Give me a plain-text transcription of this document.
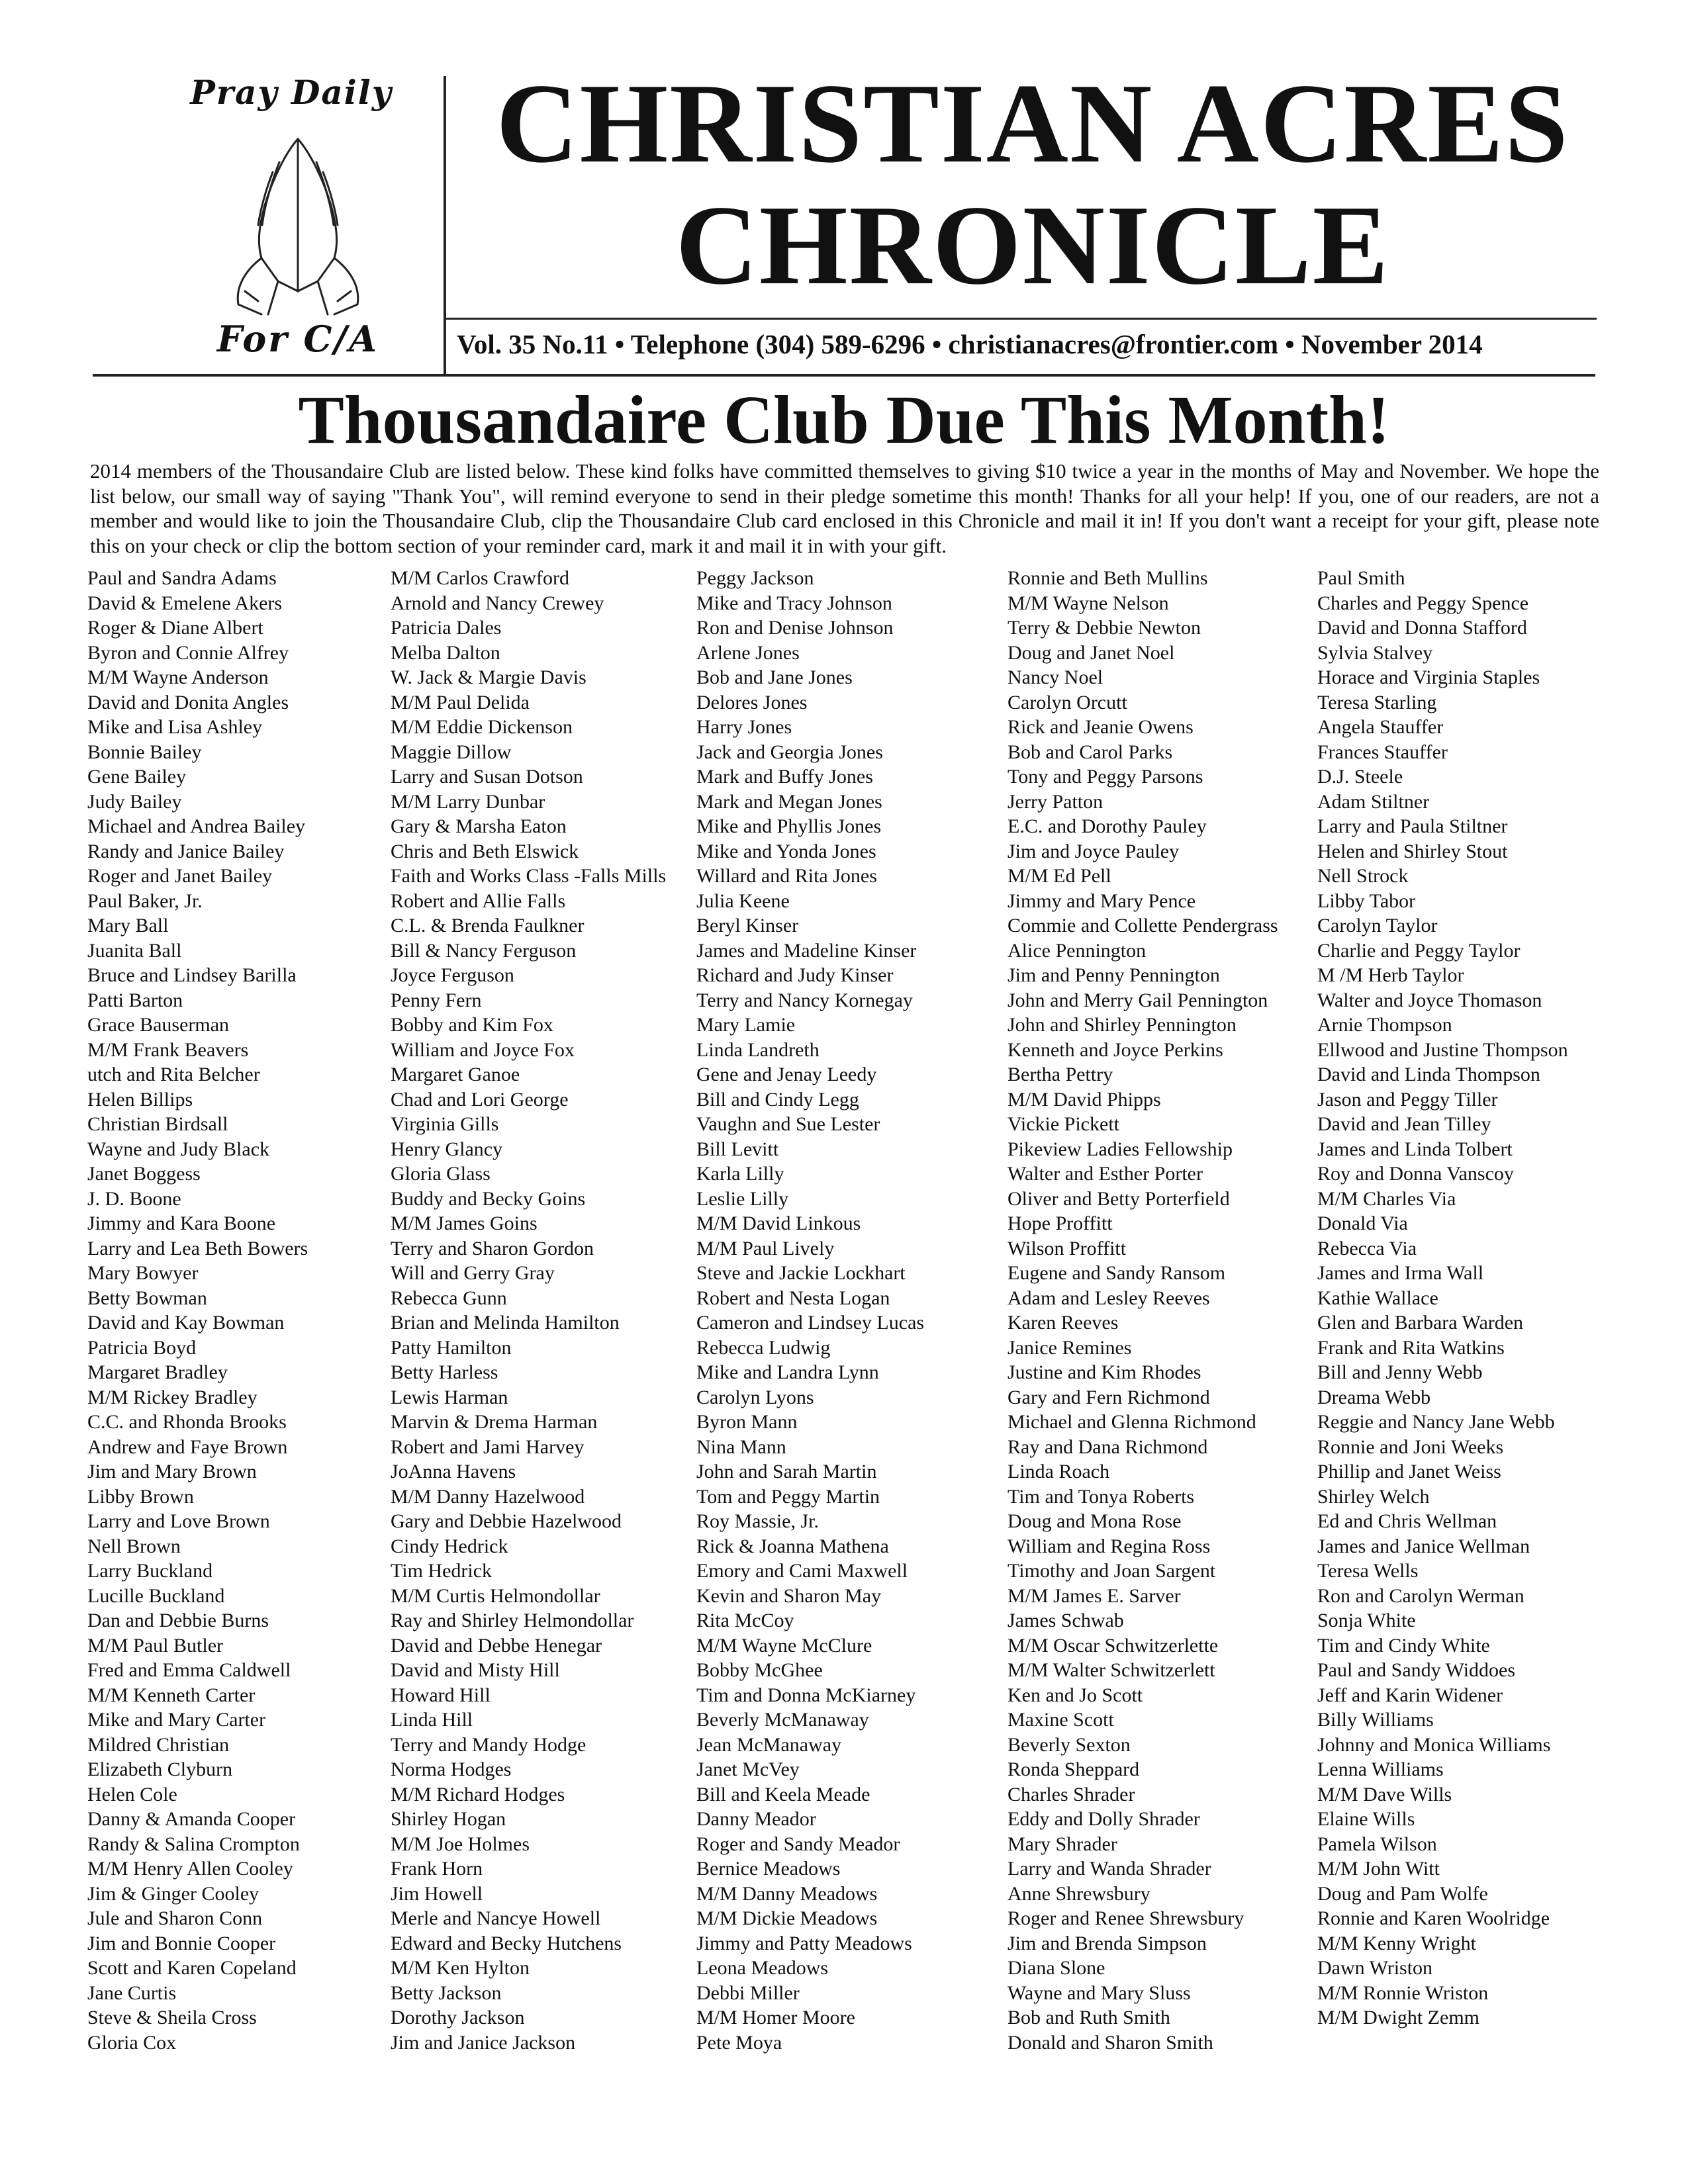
Pray Daily
For C/A
CHRISTIAN ACRES
CHRONICLE
Vol. 35 No.11 • Telephone (304) 589-6296 • christianacres@frontier.com • November 2014
Thousandaire Club Due This Month!
2014 members of the Thousandaire Club are listed below. These kind folks have committed themselves to giving $10 twice a year in the months of May and November. We hope the list below, our small way of saying "Thank You", will remind everyone to send in their pledge sometime this month! Thanks for all your help! If you, one of our readers, are not a member and would like to join the Thousandaire Club, clip the Thousandaire Club card enclosed in this Chronicle and mail it in! If you don't want a receipt for your gift, please note this on your check or clip the bottom section of your reminder card, mark it and mail it in with your gift.
Paul and Sandra Adams
David & Emelene Akers
Roger & Diane Albert
Byron and Connie Alfrey
M/M Wayne Anderson
David and Donita Angles
Mike and Lisa Ashley
Bonnie Bailey
Gene Bailey
Judy Bailey
Michael and Andrea Bailey
Randy and Janice Bailey
Roger and Janet Bailey
Paul Baker, Jr.
Mary Ball
Juanita Ball
Bruce and Lindsey Barilla
Patti Barton
Grace Bauserman
M/M Frank Beavers
utch and Rita Belcher
Helen Billips
Christian Birdsall
Wayne and Judy Black
Janet Boggess
J. D. Boone
Jimmy and Kara Boone
Larry and Lea Beth Bowers
Mary Bowyer
Betty Bowman
David and Kay Bowman
Patricia Boyd
Margaret Bradley
M/M Rickey Bradley
C.C. and Rhonda Brooks
Andrew and Faye Brown
Jim and Mary Brown
Libby Brown
Larry and Love Brown
Nell Brown
Larry Buckland
Lucille Buckland
Dan and Debbie Burns
M/M Paul Butler
Fred and Emma Caldwell
M/M Kenneth Carter
Mike and Mary Carter
Mildred Christian
Elizabeth Clyburn
Helen Cole
Danny & Amanda Cooper
Randy & Salina Crompton
M/M Henry Allen Cooley
Jim & Ginger Cooley
Jule and Sharon Conn
Jim and Bonnie Cooper
Scott and Karen Copeland
Jane Curtis
Steve & Sheila Cross
Gloria Cox
M/M Carlos Crawford
Arnold and Nancy Crewey
Patricia Dales
Melba Dalton
W. Jack & Margie Davis
M/M Paul Delida
M/M Eddie Dickenson
Maggie Dillow
Larry and Susan Dotson
M/M Larry Dunbar
Gary & Marsha Eaton
Chris and Beth Elswick
Faith and Works Class -Falls Mills
Robert and Allie Falls
C.L. & Brenda Faulkner
Bill & Nancy Ferguson
Joyce Ferguson
Penny Fern
Bobby and Kim Fox
William and Joyce Fox
Margaret Ganoe
Chad and Lori George
Virginia Gills
Henry Glancy
Gloria Glass
Buddy and Becky Goins
M/M James Goins
Terry and Sharon Gordon
Will and Gerry Gray
Rebecca Gunn
Brian and Melinda Hamilton
Patty Hamilton
Betty Harless
Lewis Harman
Marvin & Drema Harman
Robert and Jami Harvey
JoAnna Havens
M/M Danny Hazelwood
Gary and Debbie Hazelwood
Cindy Hedrick
Tim Hedrick
M/M Curtis Helmondollar
Ray and Shirley Helmondollar
David and Debbe Henegar
David and Misty Hill
Howard Hill
Linda Hill
Terry and Mandy Hodge
Norma Hodges
M/M Richard Hodges
Shirley Hogan
M/M Joe Holmes
Frank Horn
Jim Howell
Merle and Nancye Howell
Edward and Becky Hutchens
M/M Ken Hylton
Betty Jackson
Dorothy Jackson
Jim and Janice Jackson
Peggy Jackson
Mike and Tracy Johnson
Ron and Denise Johnson
Arlene Jones
Bob and Jane Jones
Delores Jones
Harry Jones
Jack and Georgia Jones
Mark and Buffy Jones
Mark and Megan Jones
Mike and Phyllis Jones
Mike and Yonda Jones
Willard and Rita Jones
Julia Keene
Beryl Kinser
James and Madeline Kinser
Richard and Judy Kinser
Terry and Nancy Kornegay
Mary Lamie
Linda Landreth
Gene and Jenay Leedy
Bill and Cindy Legg
Vaughn and Sue Lester
Bill Levitt
Karla Lilly
Leslie Lilly
M/M David Linkous
M/M Paul Lively
Steve and Jackie Lockhart
Robert and Nesta Logan
Cameron and Lindsey Lucas
Rebecca Ludwig
Mike and Landra Lynn
Carolyn Lyons
Byron Mann
Nina Mann
John and Sarah Martin
Tom and Peggy Martin
Roy Massie, Jr.
Rick & Joanna Mathena
Emory and Cami Maxwell
Kevin and Sharon May
Rita McCoy
M/M Wayne McClure
Bobby McGhee
Tim and Donna McKiarney
Beverly McManaway
Jean McManaway
Janet McVey
Bill and Keela Meade
Danny Meador
Roger and Sandy Meador
Bernice Meadows
M/M Danny Meadows
M/M Dickie Meadows
Jimmy and Patty Meadows
Leona Meadows
Debbi Miller
M/M Homer Moore
Pete Moya
Ronnie and Beth Mullins
M/M Wayne Nelson
Terry & Debbie Newton
Doug and Janet Noel
Nancy Noel
Carolyn Orcutt
Rick and Jeanie Owens
Bob and Carol Parks
Tony and Peggy Parsons
Jerry Patton
E.C. and Dorothy Pauley
Jim and Joyce Pauley
M/M Ed Pell
Jimmy and Mary Pence
Commie and Collette Pendergrass
Alice Pennington
Jim and Penny Pennington
John and Merry Gail Pennington
John and Shirley Pennington
Kenneth and Joyce Perkins
Bertha Pettry
M/M David Phipps
Vickie Pickett
Pikeview Ladies Fellowship
Walter and Esther Porter
Oliver and Betty Porterfield
Hope Proffitt
Wilson Proffitt
Eugene and Sandy Ransom
Adam and Lesley Reeves
Karen Reeves
Janice Remines
Justine and Kim Rhodes
Gary and Fern Richmond
Michael and Glenna Richmond
Ray and Dana Richmond
Linda Roach
Tim and Tonya Roberts
Doug and Mona Rose
William and Regina Ross
Timothy and Joan Sargent
M/M James E. Sarver
James Schwab
M/M Oscar Schwitzerlette
M/M Walter Schwitzerlett
Ken and Jo Scott
Maxine Scott
Beverly Sexton
Ronda Sheppard
Charles Shrader
Eddy and Dolly Shrader
Mary Shrader
Larry and Wanda Shrader
Anne Shrewsbury
Roger and Renee Shrewsbury
Jim and Brenda Simpson
Diana Slone
Wayne and Mary Sluss
Bob and Ruth Smith
Donald and Sharon Smith
Paul Smith
Charles and Peggy Spence
David and Donna Stafford
Sylvia Stalvey
Horace and Virginia Staples
Teresa Starling
Angela Stauffer
Frances Stauffer
D.J. Steele
Adam Stiltner
Larry and Paula Stiltner
Helen and Shirley Stout
Nell Strock
Libby Tabor
Carolyn Taylor
Charlie and Peggy Taylor
M /M Herb Taylor
Walter and Joyce Thomason
Arnie Thompson
Ellwood and Justine Thompson
David and Linda Thompson
Jason and Peggy Tiller
David and Jean Tilley
James and Linda Tolbert
Roy and Donna Vanscoy
M/M Charles Via
Donald Via
Rebecca Via
James and Irma Wall
Kathie Wallace
Glen and Barbara Warden
Frank and Rita Watkins
Bill and Jenny Webb
Dreama Webb
Reggie and Nancy Jane Webb
Ronnie and Joni Weeks
Phillip and Janet Weiss
Shirley Welch
Ed and Chris Wellman
James and Janice Wellman
Teresa Wells
Ron and Carolyn Werman
Sonja White
Tim and Cindy White
Paul and Sandy Widdoes
Jeff and Karin Widener
Billy Williams
Johnny and Monica Williams
Lenna Williams
M/M Dave Wills
Elaine Wills
Pamela Wilson
M/M John Witt
Doug and Pam Wolfe
Ronnie and Karen Woolridge
M/M Kenny Wright
Dawn Wriston
M/M Ronnie Wriston
M/M Dwight Zemm
